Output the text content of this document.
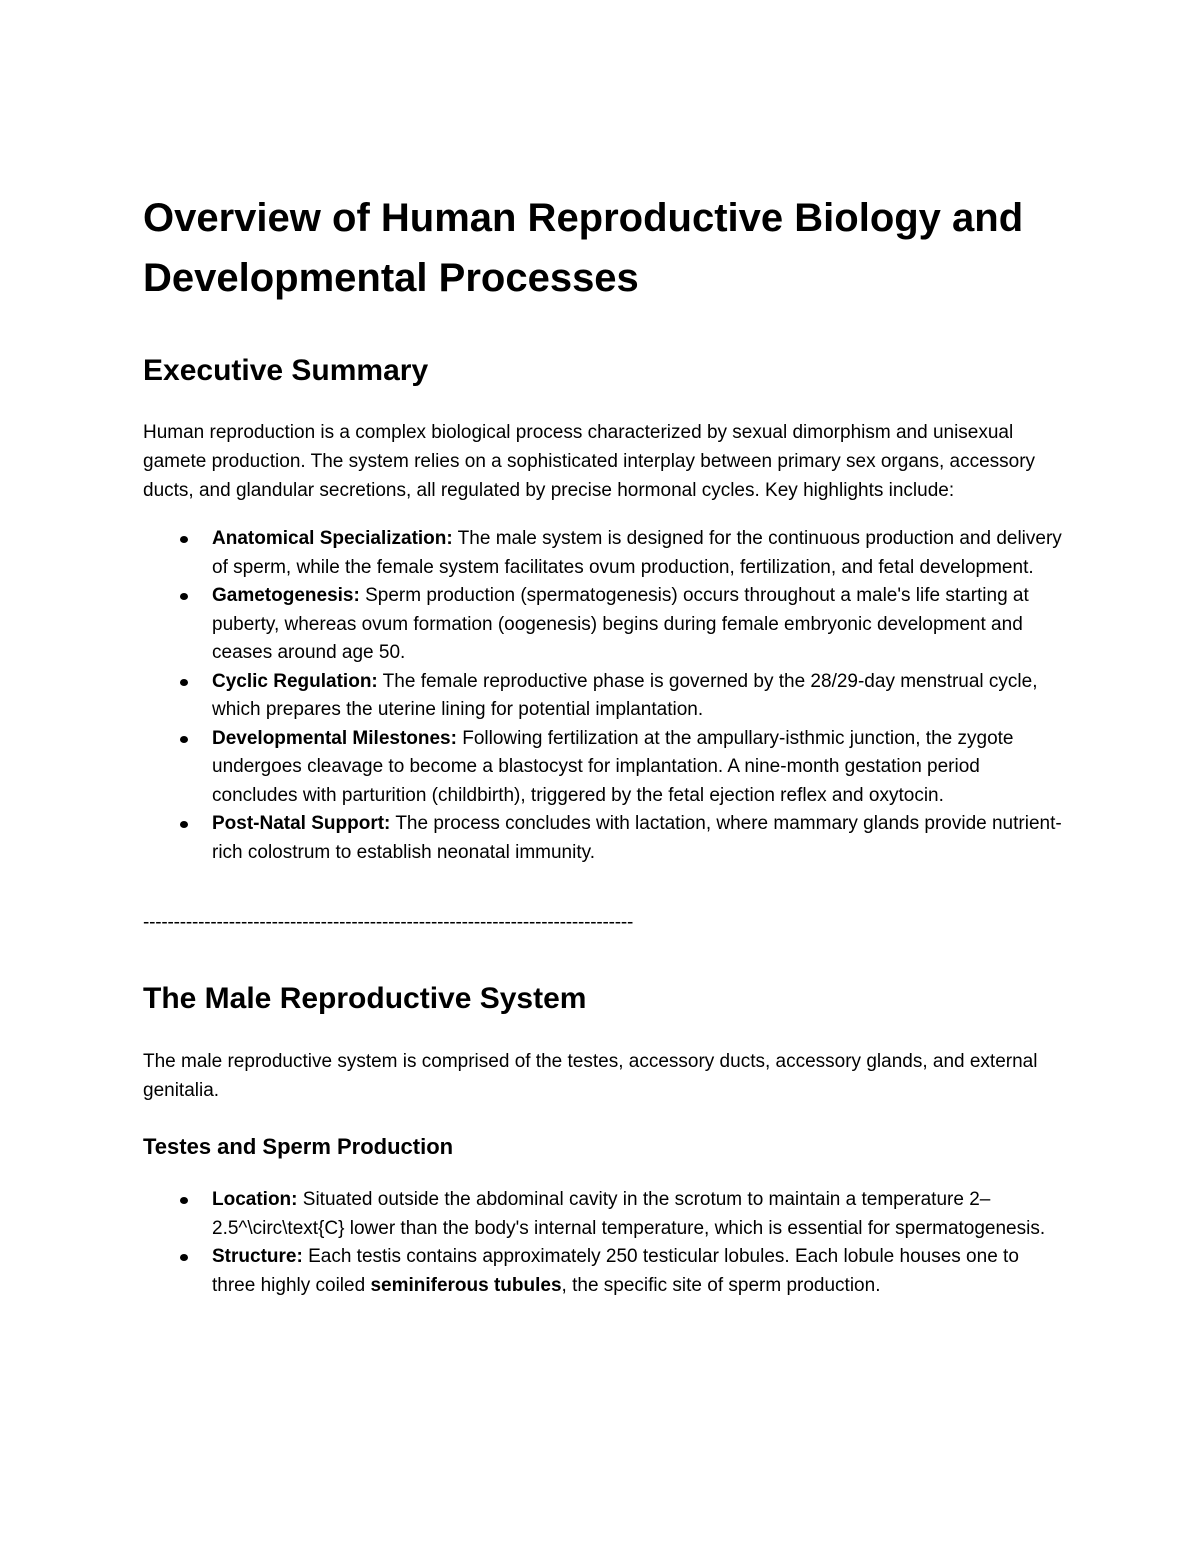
Overview of Human Reproductive Biology and Developmental Processes
Executive Summary

Human reproduction is a complex biological process characterized by sexual dimorphism and unisexual gamete production. The system relies on a sophisticated interplay between primary sex organs, accessory ducts, and glandular secretions, all regulated by precise hormonal cycles. Key highlights include:

Anatomical Specialization: The male system is designed for the continuous production and delivery of sperm, while the female system facilitates ovum production, fertilization, and fetal development.
Gametogenesis: Sperm production (spermatogenesis) occurs throughout a male's life starting at puberty, whereas ovum formation (oogenesis) begins during female embryonic development and ceases around age 50.
Cyclic Regulation: The female reproductive phase is governed by the 28/29-day menstrual cycle, which prepares the uterine lining for potential implantation.
Developmental Milestones: Following fertilization at the ampullary-isthmic junction, the zygote undergoes cleavage to become a blastocyst for implantation. A nine-month gestation period concludes with parturition (childbirth), triggered by the fetal ejection reflex and oxytocin.
Post-Natal Support: The process concludes with lactation, where mammary glands provide nutrient-rich colostrum to establish neonatal immunity.

--------------------------------------------------------------------------------

The Male Reproductive System

The male reproductive system is comprised of the testes, accessory ducts, accessory glands, and external genitalia.

Testes and Sperm Production
Location: Situated outside the abdominal cavity in the scrotum to maintain a temperature 2–2.5^\circ\text{C} lower than the body's internal temperature, which is essential for spermatogenesis.
Structure: Each testis contains approximately 250 testicular lobules. Each lobule houses one to three highly coiled seminiferous tubules, the specific site of sperm production.
